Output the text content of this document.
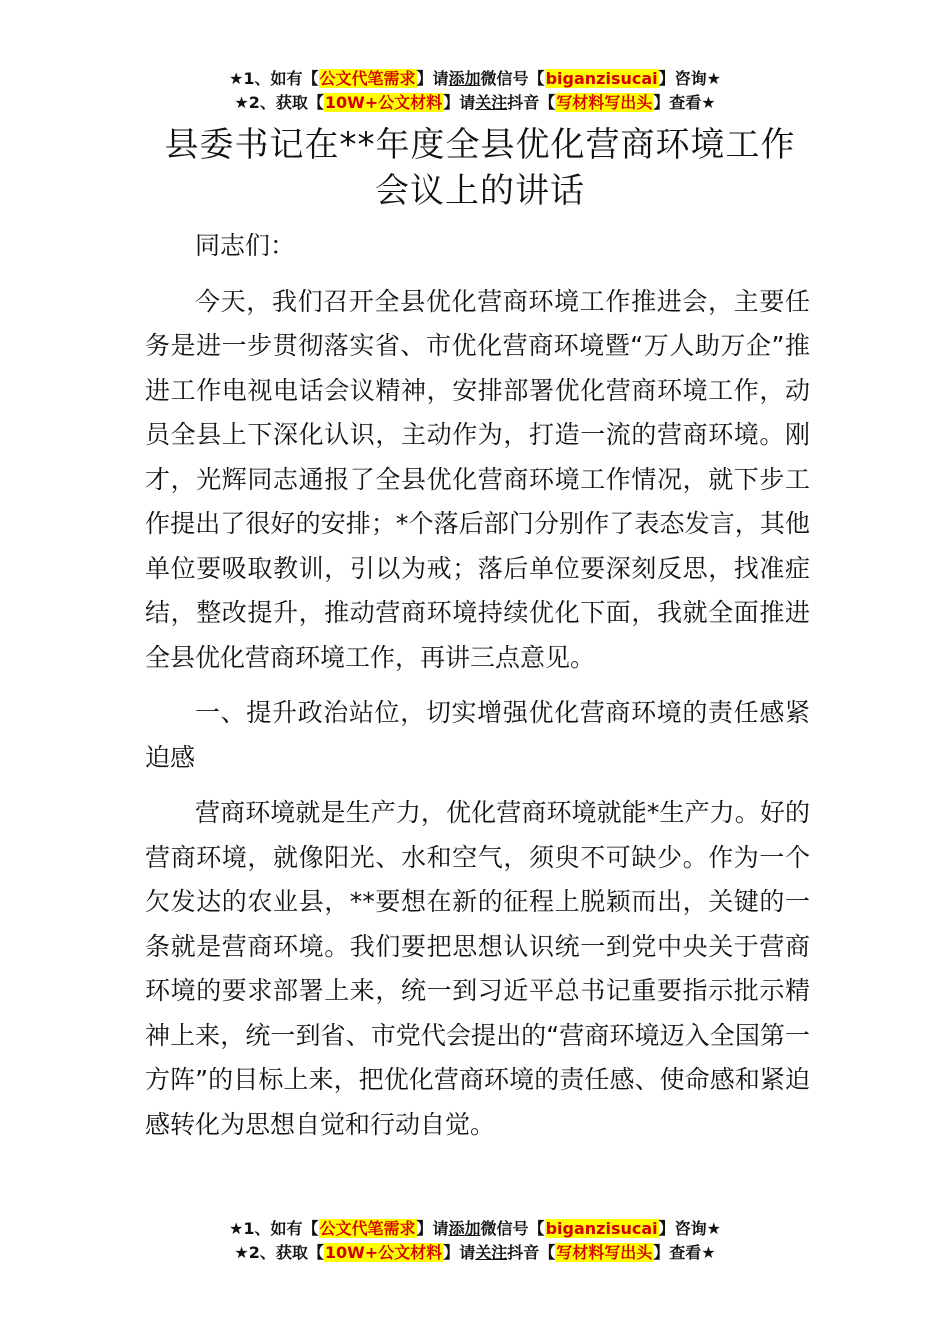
★1、如有【公文代笔需求】请添加微信号【biganzisucai】咨询★
★2、获取【10W+公文材料】请关注抖音【写材料写出头】查看★
县委书记在**年度全县优化营商环境工作会议上的讲话

同志们：

今天，我们召开全县优化营商环境工作推进会，主要任务是进一步贯彻落实省、市优化营商环境暨“万人助万企”推进工作电视电话会议精神，安排部署优化营商环境工作，动员全县上下深化认识，主动作为，打造一流的营商环境。刚才，光辉同志通报了全县优化营商环境工作情况，就下步工作提出了很好的安排；*个落后部门分别作了表态发言，其他单位要吸取教训，引以为戒；落后单位要深刻反思，找准症结，整改提升，推动营商环境持续优化下面，我就全面推进全县优化营商环境工作，再讲三点意见。

一、提升政治站位，切实增强优化营商环境的责任感紧迫感

营商环境就是生产力，优化营商环境就能*生产力。好的营商环境，就像阳光、水和空气，须臾不可缺少。作为一个欠发达的农业县，**要想在新的征程上脱颖而出，关键的一条就是营商环境。我们要把思想认识统一到党中央关于营商环境的要求部署上来，统一到习近平总书记重要指示批示精神上来，统一到省、市党代会提出的“营商环境迈入全国第一方阵”的目标上来，把优化营商环境的责任感、使命感和紧迫感转化为思想自觉和行动自觉。

★1、如有【公文代笔需求】请添加微信号【biganzisucai】咨询★
★2、获取【10W+公文材料】请关注抖音【写材料写出头】查看★
